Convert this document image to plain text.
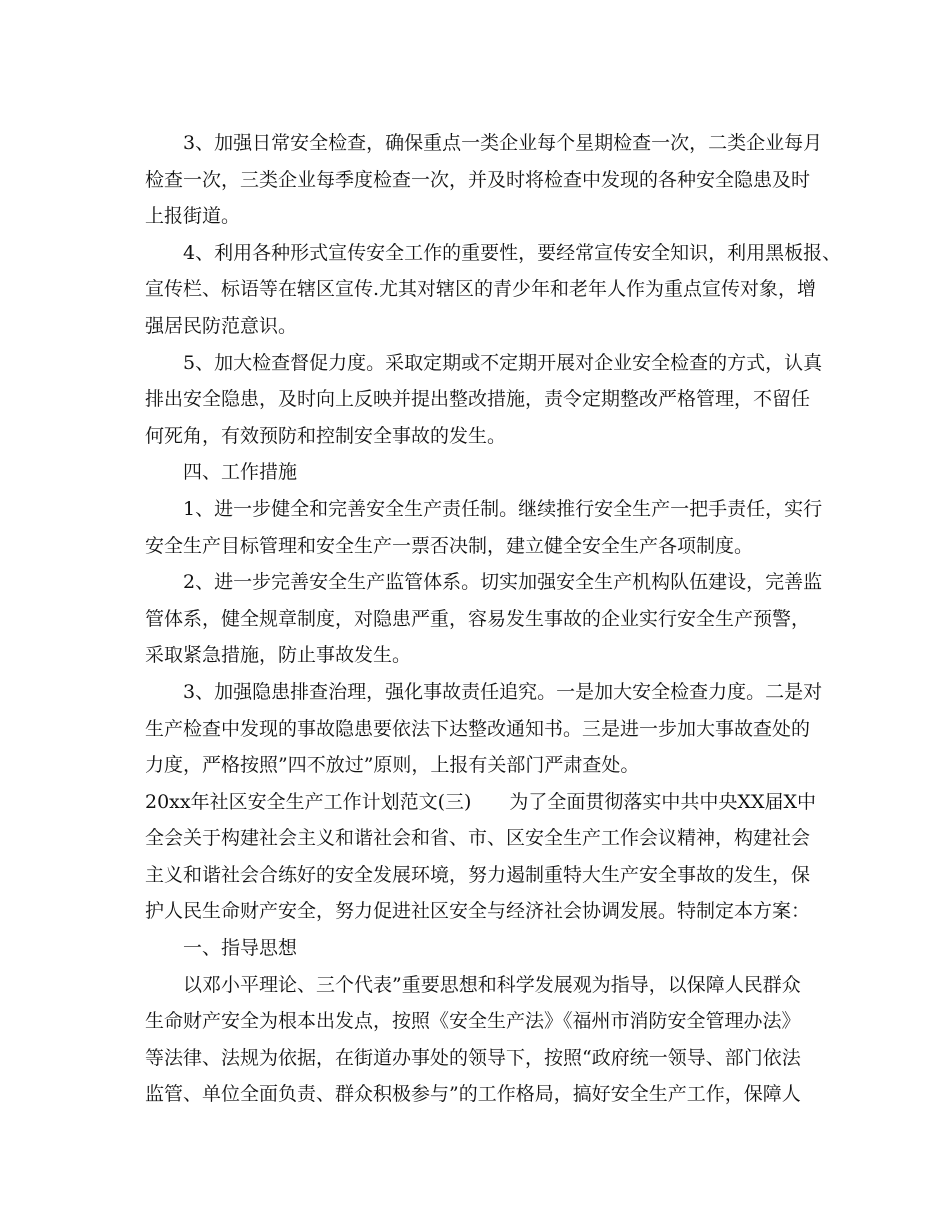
3、加强日常安全检查，确保重点一类企业每个星期检查一次，二类企业每月
检查一次，三类企业每季度检查一次，并及时将检查中发现的各种安全隐患及时
上报街道。
4、利用各种形式宣传安全工作的重要性，要经常宣传安全知识，利用黑板报、
宣传栏、标语等在辖区宣传.尤其对辖区的青少年和老年人作为重点宣传对象，增
强居民防范意识。
5、加大检查督促力度。采取定期或不定期开展对企业安全检查的方式，认真
排出安全隐患，及时向上反映并提出整改措施，责令定期整改严格管理，不留任
何死角，有效预防和控制安全事故的发生。
四、工作措施
1、进一步健全和完善安全生产责任制。继续推行安全生产一把手责任，实行
安全生产目标管理和安全生产一票否决制，建立健全安全生产各项制度。
2、进一步完善安全生产监管体系。切实加强安全生产机构队伍建设，完善监
管体系，健全规章制度，对隐患严重，容易发生事故的企业实行安全生产预警，
采取紧急措施，防止事故发生。
3、加强隐患排查治理，强化事故责任追究。一是加大安全检查力度。二是对
生产检查中发现的事故隐患要依法下达整改通知书。三是进一步加大事故查处的
力度，严格按照”四不放过”原则，上报有关部门严肃查处。
20xx年社区安全生产工作计划范文(三)　　为了全面贯彻落实中共中央XX届X中
全会关于构建社会主义和谐社会和省、市、区安全生产工作会议精神，构建社会
主义和谐社会合练好的安全发展环境，努力遏制重特大生产安全事故的发生，保
护人民生命财产安全，努力促进社区安全与经济社会协调发展。特制定本方案：
一、指导思想
以邓小平理论、三个代表”重要思想和科学发展观为指导，以保障人民群众
生命财产安全为根本出发点，按照《安全生产法》《福州市消防安全管理办法》
等法律、法规为依据，在街道办事处的领导下，按照“政府统一领导、部门依法
监管、单位全面负责、群众积极参与”的工作格局，搞好安全生产工作，保障人
